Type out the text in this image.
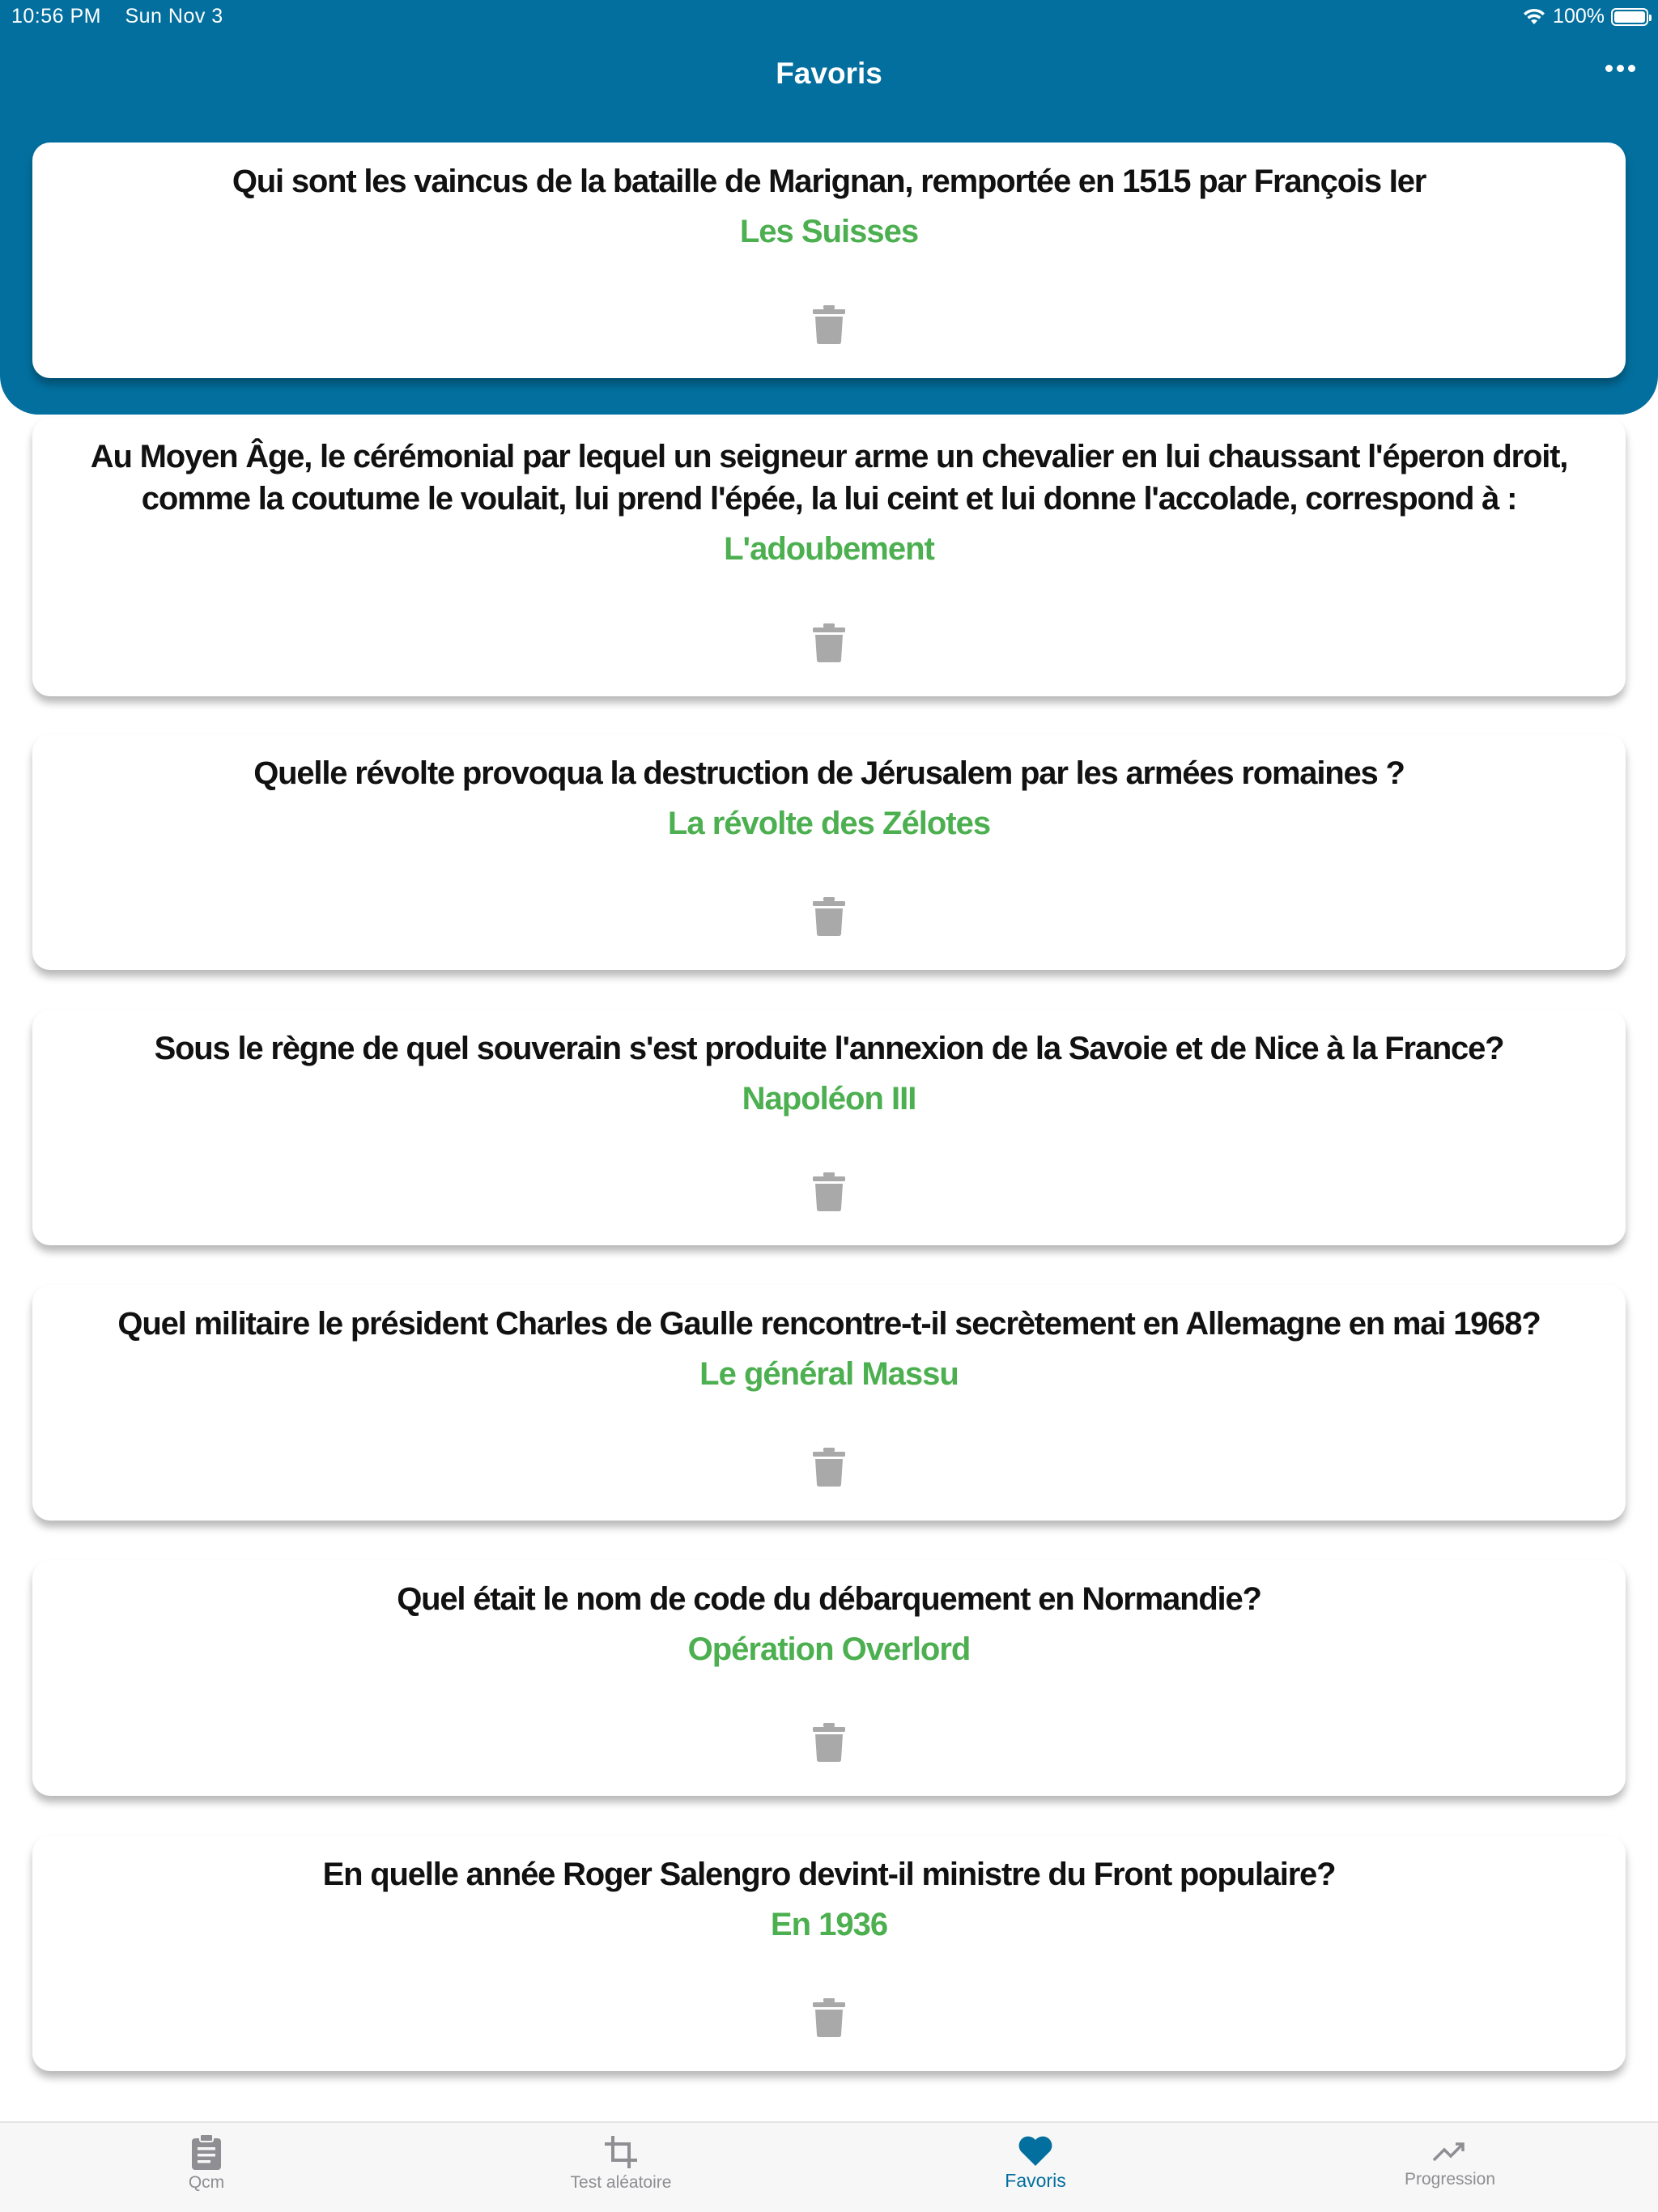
10:56 PM Sun Nov 3	100%
Favoris
Qui sont les vaincus de la bataille de Marignan, remportée en 1515 par François Ier
Les Suisses
Au Moyen Âge, le cérémonial par lequel un seigneur arme un chevalier en lui chaussant l'éperon droit, comme la coutume le voulait, lui prend l'épée, la lui ceint et lui donne l'accolade, correspond à :
L'adoubement
Quelle révolte provoqua la destruction de Jérusalem par les armées romaines ?
La révolte des Zélotes
Sous le règne de quel souverain s'est produite l'annexion de la Savoie et de Nice à la France?
Napoléon III
Quel militaire le président Charles de Gaulle rencontre-t-il secrètement en Allemagne en mai 1968?
Le général Massu
Quel était le nom de code du débarquement en Normandie?
Opération Overlord
En quelle année Roger Salengro devint-il ministre du Front populaire?
En 1936
Qcm	Test aléatoire	Favoris	Progression
